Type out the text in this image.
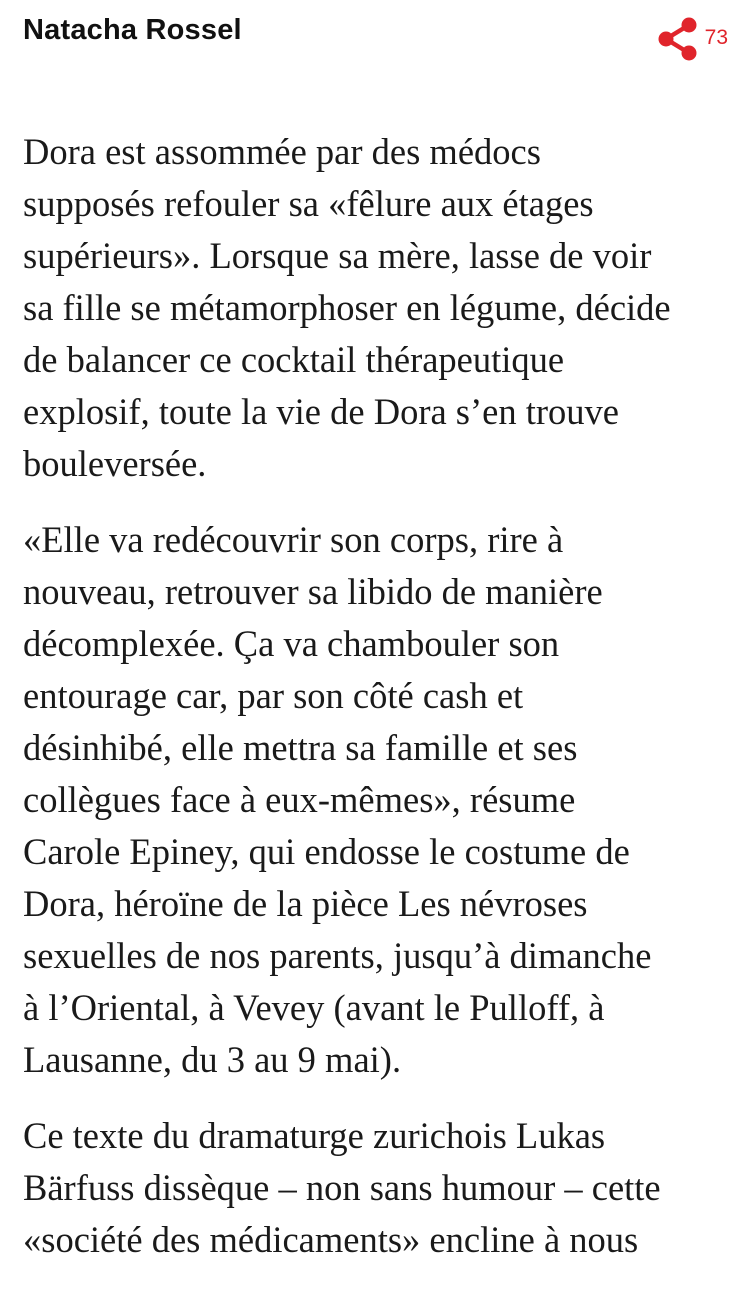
Natacha Rossel	73

Dora est assommée par des médocs
supposés refouler sa «fêlure aux étages
supérieurs». Lorsque sa mère, lasse de voir
sa fille se métamorphoser en légume, décide
de balancer ce cocktail thérapeutique
explosif, toute la vie de Dora s’en trouve
bouleversée.

«Elle va redécouvrir son corps, rire à
nouveau, retrouver sa libido de manière
décomplexée. Ça va chambouler son
entourage car, par son côté cash et
désinhibé, elle mettra sa famille et ses
collègues face à eux-mêmes», résume
Carole Epiney, qui endosse le costume de
Dora, héroïne de la pièce Les névroses
sexuelles de nos parents, jusqu’à dimanche
à l’Oriental, à Vevey (avant le Pulloff, à
Lausanne, du 3 au 9 mai).

Ce texte du dramaturge zurichois Lukas
Bärfuss dissèque – non sans humour – cette
«société des médicaments» encline à nous
